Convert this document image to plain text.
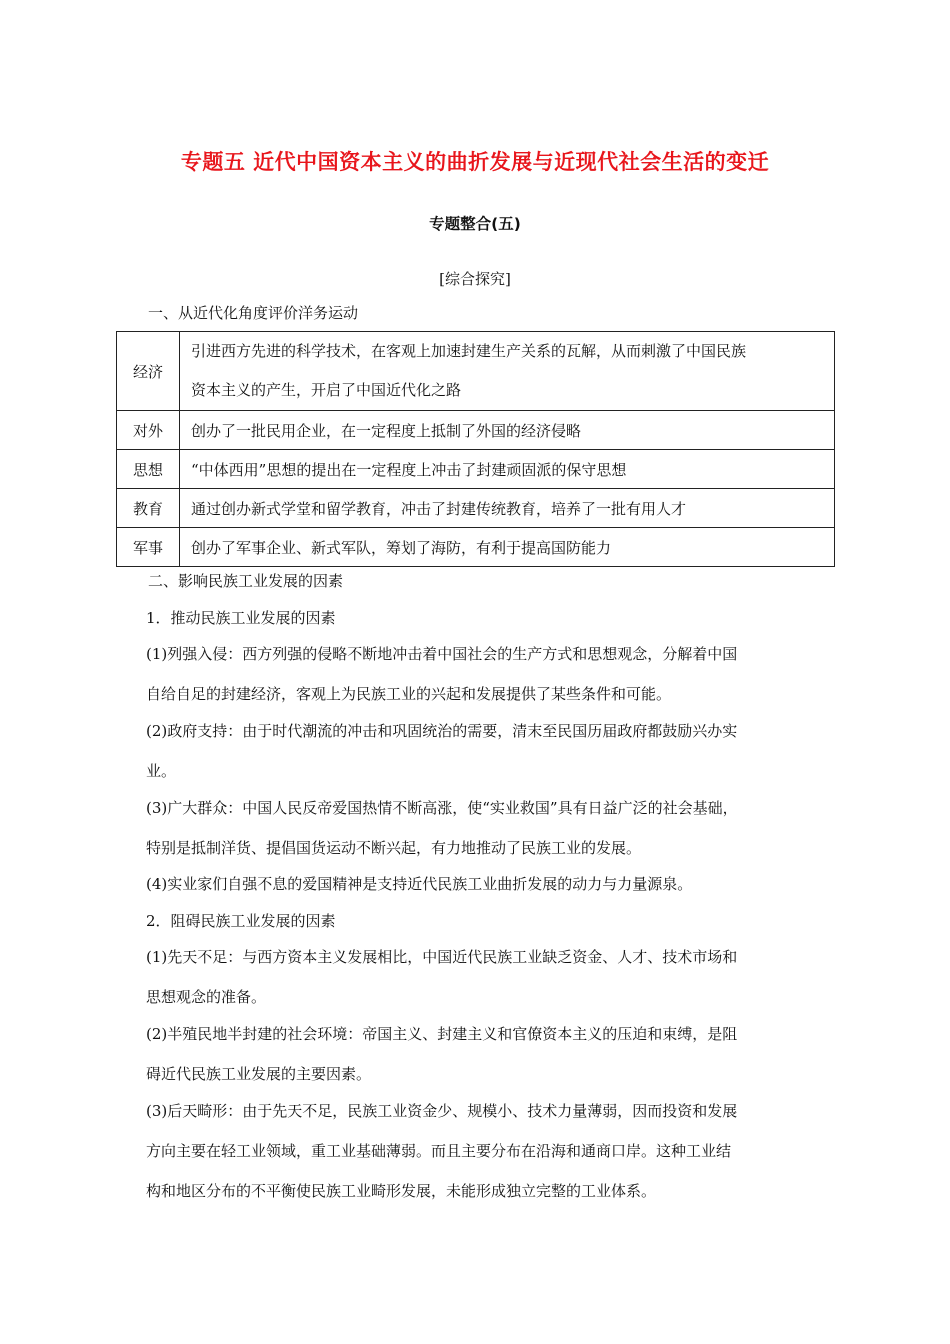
专题五 近代中国资本主义的曲折发展与近现代社会生活的变迁
专题整合(五)
[综合探究]
一、从近代化角度评价洋务运动
经济	引进西方先进的科学技术，在客观上加速封建生产关系的瓦解，从而刺激了中国民族
资本主义的产生，开启了中国近代化之路
对外	创办了一批民用企业，在一定程度上抵制了外国的经济侵略
思想	“中体西用”思想的提出在一定程度上冲击了封建顽固派的保守思想
教育	通过创办新式学堂和留学教育，冲击了封建传统教育，培养了一批有用人才
军事	创办了军事企业、新式军队，筹划了海防，有利于提高国防能力
二、影响民族工业发展的因素
1．推动民族工业发展的因素
(1)列强入侵：西方列强的侵略不断地冲击着中国社会的生产方式和思想观念，分解着中国
自给自足的封建经济，客观上为民族工业的兴起和发展提供了某些条件和可能。
(2)政府支持：由于时代潮流的冲击和巩固统治的需要，清末至民国历届政府都鼓励兴办实
业。
(3)广大群众：中国人民反帝爱国热情不断高涨，使“实业救国”具有日益广泛的社会基础，
特别是抵制洋货、提倡国货运动不断兴起，有力地推动了民族工业的发展。
(4)实业家们自强不息的爱国精神是支持近代民族工业曲折发展的动力与力量源泉。
2．阻碍民族工业发展的因素
(1)先天不足：与西方资本主义发展相比，中国近代民族工业缺乏资金、人才、技术市场和
思想观念的准备。
(2)半殖民地半封建的社会环境：帝国主义、封建主义和官僚资本主义的压迫和束缚，是阻
碍近代民族工业发展的主要因素。
(3)后天畸形：由于先天不足，民族工业资金少、规模小、技术力量薄弱，因而投资和发展
方向主要在轻工业领域，重工业基础薄弱。而且主要分布在沿海和通商口岸。这种工业结
构和地区分布的不平衡使民族工业畸形发展，未能形成独立完整的工业体系。
